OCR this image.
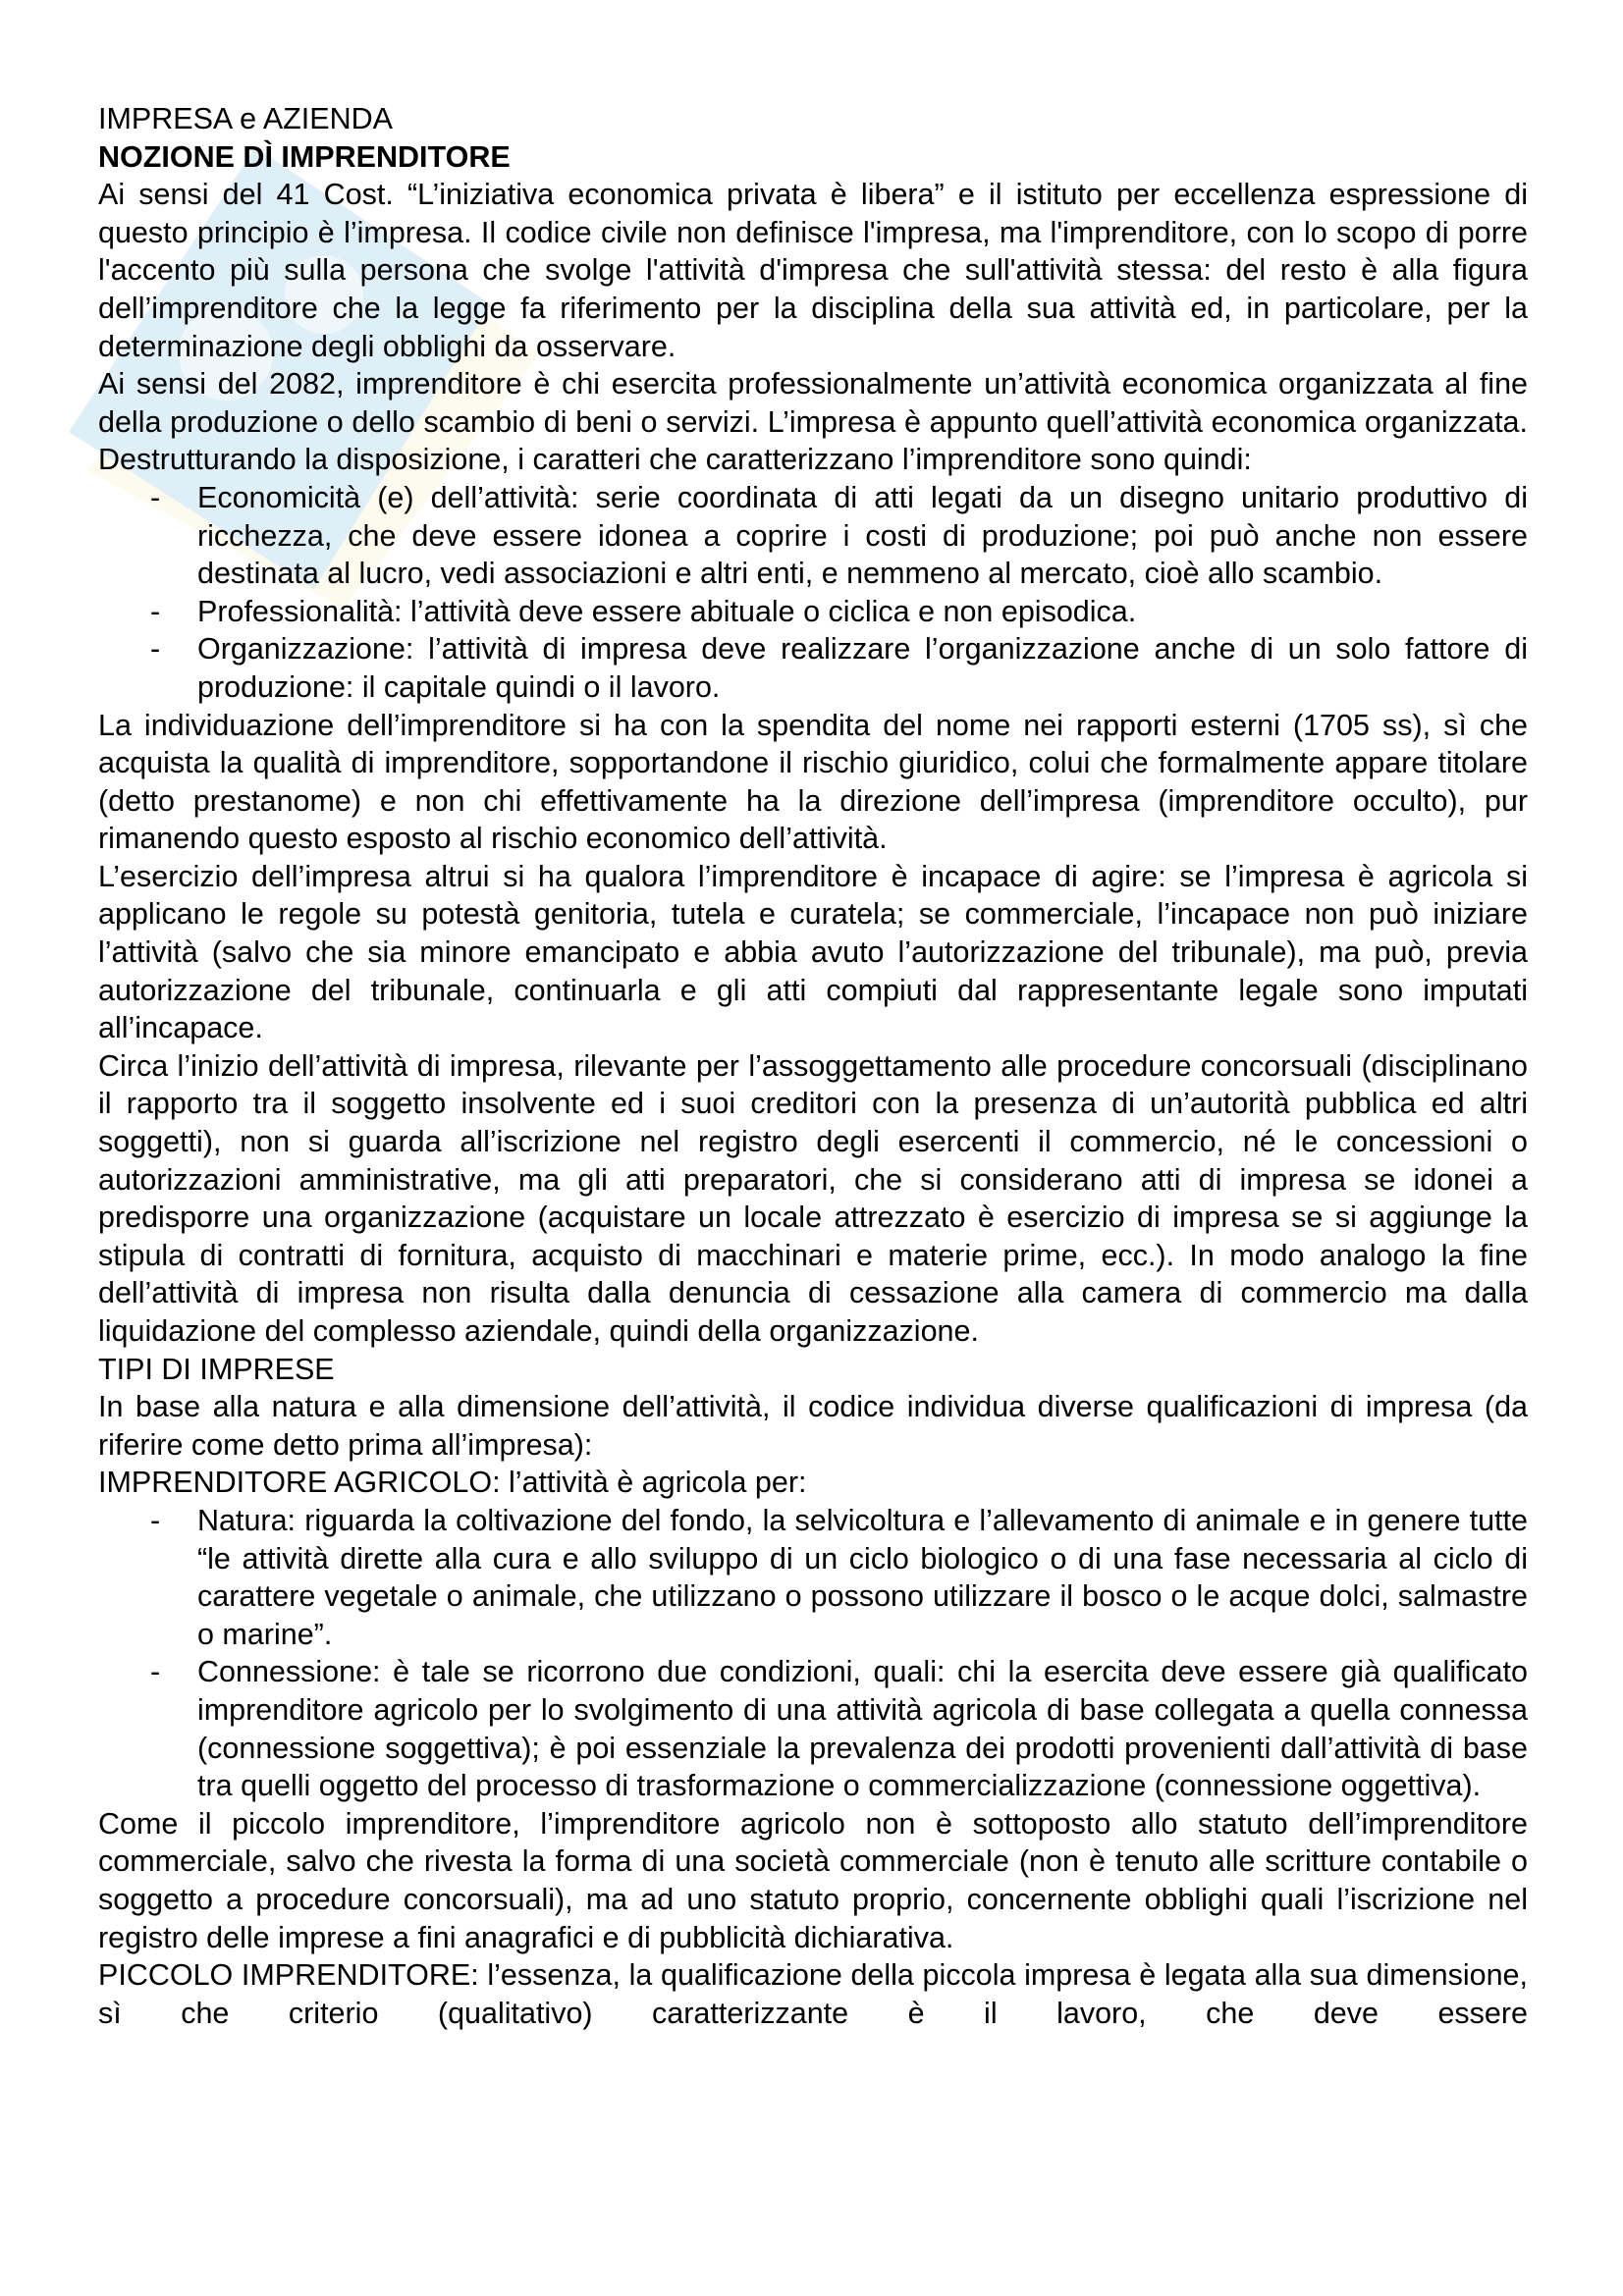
IMPRESA e AZIENDA
NOZIONE DÌ IMPRENDITORE

Ai sensi del 41 Cost. “L’iniziativa economica privata è libera” e il istituto per eccellenza espressione di questo principio è l’impresa. Il codice civile non definisce l'impresa, ma l'imprenditore, con lo scopo di porre l'accento più sulla persona che svolge l'attività d'impresa che sull'attività stessa: del resto è alla figura dell’imprenditore che la legge fa riferimento per la disciplina della sua attività ed, in particolare, per la determinazione degli obblighi da osservare.

Ai sensi del 2082, imprenditore è chi esercita professionalmente un’attività economica organizzata al fine della produzione o dello scambio di beni o servizi. L’impresa è appunto quell’attività economica organizzata. Destrutturando la disposizione, i caratteri che caratterizzano l’imprenditore sono quindi:

- Economicità (e) dell’attività: serie coordinata di atti legati da un disegno unitario produttivo di ricchezza, che deve essere idonea a coprire i costi di produzione; poi può anche non essere destinata al lucro, vedi associazioni e altri enti, e nemmeno al mercato, cioè allo scambio.
- Professionalità: l’attività deve essere abituale o ciclica e non episodica.
- Organizzazione: l’attività di impresa deve realizzare l’organizzazione anche di un solo fattore di produzione: il capitale quindi o il lavoro.

La individuazione dell’imprenditore si ha con la spendita del nome nei rapporti esterni (1705 ss), sì che acquista la qualità di imprenditore, sopportandone il rischio giuridico, colui che formalmente appare titolare (detto prestanome) e non chi effettivamente ha la direzione dell’impresa (imprenditore occulto), pur rimanendo questo esposto al rischio economico dell’attività.

L’esercizio dell’impresa altrui si ha qualora l’imprenditore è incapace di agire: se l’impresa è agricola si applicano le regole su potestà genitoria, tutela e curatela; se commerciale, l’incapace non può iniziare l’attività (salvo che sia minore emancipato e abbia avuto l’autorizzazione del tribunale), ma può, previa autorizzazione del tribunale, continuarla e gli atti compiuti dal rappresentante legale sono imputati all’incapace.

Circa l’inizio dell’attività di impresa, rilevante per l’assoggettamento alle procedure concorsuali (disciplinano il rapporto tra il soggetto insolvente ed i suoi creditori con la presenza di un’autorità pubblica ed altri soggetti), non si guarda all’iscrizione nel registro degli esercenti il commercio, né le concessioni o autorizzazioni amministrative, ma gli atti preparatori, che si considerano atti di impresa se idonei a predisporre una organizzazione (acquistare un locale attrezzato è esercizio di impresa se si aggiunge la stipula di contratti di fornitura, acquisto di macchinari e materie prime, ecc.). In modo analogo la fine dell’attività di impresa non risulta dalla denuncia di cessazione alla camera di commercio ma dalla liquidazione del complesso aziendale, quindi della organizzazione.

TIPI DI IMPRESE

In base alla natura e alla dimensione dell’attività, il codice individua diverse qualificazioni di impresa (da riferire come detto prima all’impresa):

IMPRENDITORE AGRICOLO: l’attività è agricola per:
- Natura: riguarda la coltivazione del fondo, la selvicoltura e l’allevamento di animale e in genere tutte “le attività dirette alla cura e allo sviluppo di un ciclo biologico o di una fase necessaria al ciclo di carattere vegetale o animale, che utilizzano o possono utilizzare il bosco o le acque dolci, salmastre o marine”.
- Connessione: è tale se ricorrono due condizioni, quali: chi la esercita deve essere già qualificato imprenditore agricolo per lo svolgimento di una attività agricola di base collegata a quella connessa (connessione soggettiva); è poi essenziale la prevalenza dei prodotti provenienti dall’attività di base tra quelli oggetto del processo di trasformazione o commercializzazione (connessione oggettiva).

Come il piccolo imprenditore, l’imprenditore agricolo non è sottoposto allo statuto dell’imprenditore commerciale, salvo che rivesta la forma di una società commerciale (non è tenuto alle scritture contabile o soggetto a procedure concorsuali), ma ad uno statuto proprio, concernente obblighi quali l’iscrizione nel registro delle imprese a fini anagrafici e di pubblicità dichiarativa.

PICCOLO IMPRENDITORE: l’essenza, la qualificazione della piccola impresa è legata alla sua dimensione, sì che criterio (qualitativo) caratterizzante è il lavoro, che deve essere
